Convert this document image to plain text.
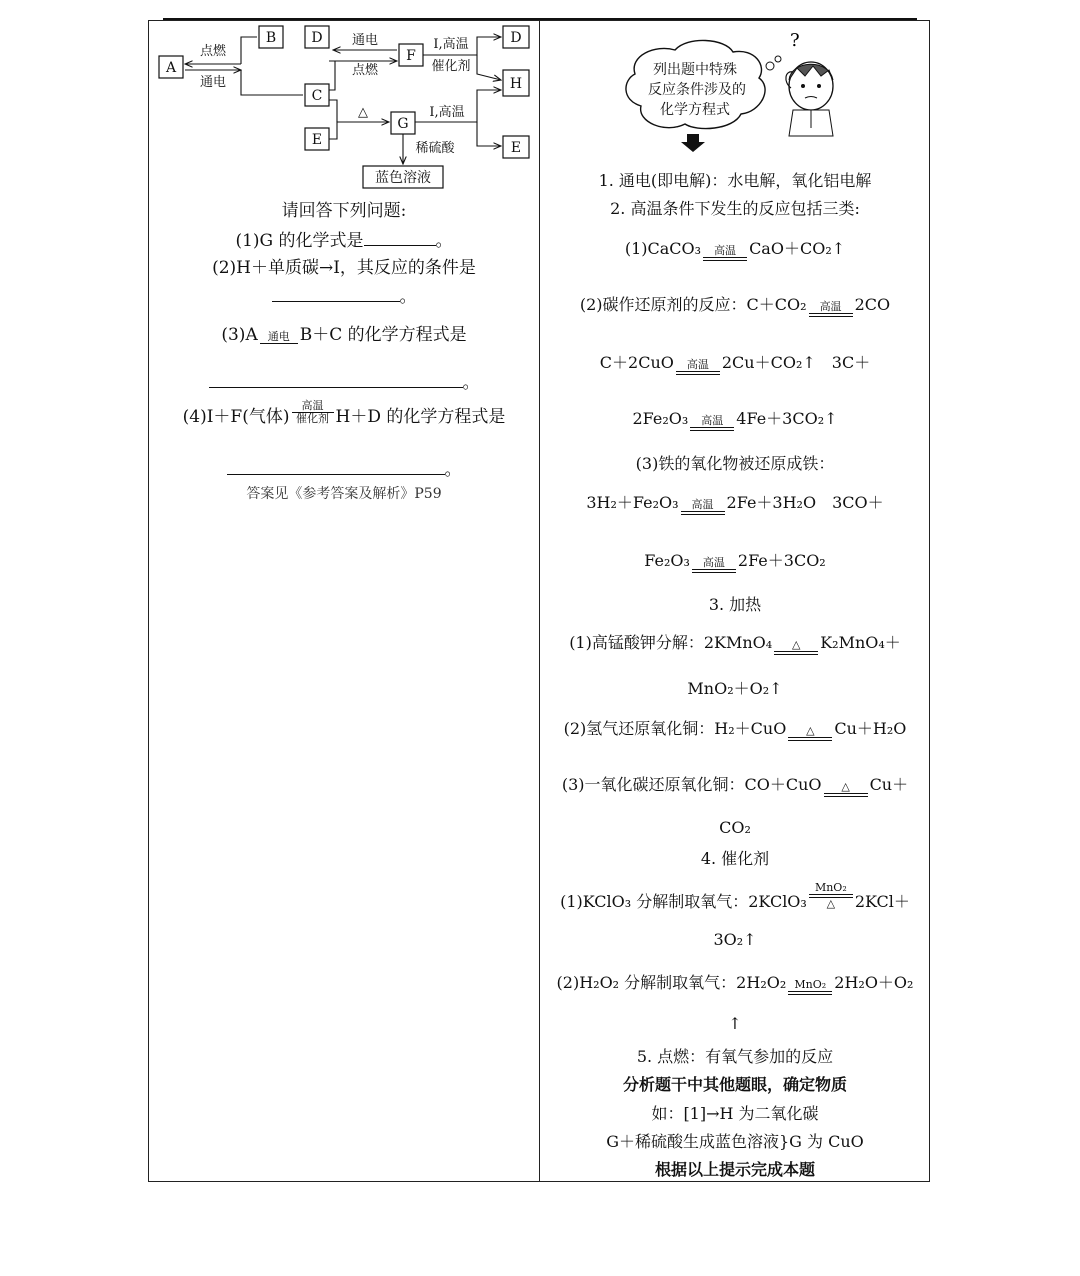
A
B	D
C
E
F
G
D
H
E
蓝色溶液
点燃
通电
通电
点燃
I,高温
催化剂
△	I,高温
稀硫酸
请回答下列问题:
(1)G 的化学式是	。
(2)H＋单质碳→I，其反应的条件是
。
(3)A 通电 B＋C 的化学方程式是
。
(4)I＋F(气体)
高温
催化剂 H＋D 的化学方程式是
。
答案见《参考答案及解析》P59
?
列出题中特殊
反应条件涉及的
化学方程式
1. 通电(即电解)：水电解，氧化铝电解
2. 高温条件下发生的反应包括三类:
(1)CaCO₃	高温 CaO＋CO₂↑
(2)碳作还原剂的反应：C＋CO₂	高温 2CO
C＋2CuO	高温 2Cu＋CO₂↑　3C＋
2Fe₂O₃	高温 4Fe＋3CO₂↑
(3)铁的氧化物被还原成铁：
3H₂＋Fe₂O₃	高温 2Fe＋3H₂O　3CO＋
Fe₂O₃	高温 2Fe＋3CO₂
3. 加热
(1)高锰酸钾分解：2KMnO₄	△	K₂MnO₄＋
MnO₂＋O₂↑
(2)氢气还原氧化铜：H₂＋CuO	△	Cu＋H₂O
(3)一氧化碳还原氧化铜：CO＋CuO	△	Cu＋
CO₂
4. 催化剂
(1)KClO₃ 分解制取氧气：2KClO₃
MnO₂
△	2KCl＋
3O₂↑
(2)H₂O₂ 分解制取氧气：2H₂O₂ MnO₂ 2H₂O＋O₂
↑
5. 点燃：有氧气参加的反应
分析题干中其他题眼，确定物质
如：[1]→H 为二氧化碳
G＋稀硫酸生成蓝色溶液}G 为 CuO
根据以上提示完成本题
